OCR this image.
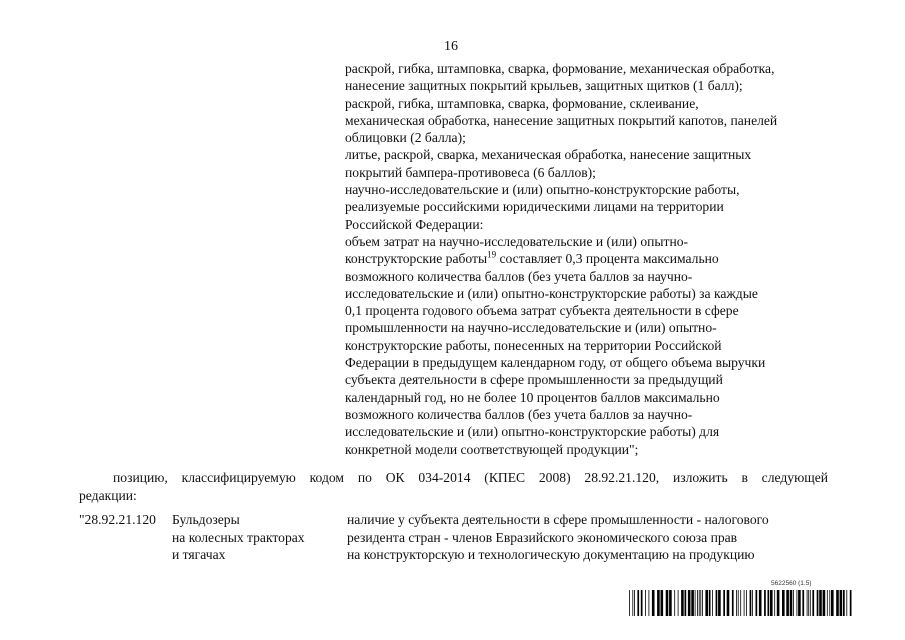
16
раскрой, гибка, штамповка, сварка, формование, механическая обработка,
нанесение защитных покрытий крыльев, защитных щитков (1 балл);
раскрой, гибка, штамповка, сварка, формование, склеивание,
механическая обработка, нанесение защитных покрытий капотов, панелей
облицовки (2 балла);
литье, раскрой, сварка, механическая обработка, нанесение защитных
покрытий бампера-противовеса (6 баллов);
научно-исследовательские и (или) опытно-конструкторские работы,
реализуемые российскими юридическими лицами на территории
Российской Федерации:
объем затрат на научно-исследовательские и (или) опытно-
конструкторские работы$^{19}$ составляет 0,3 процента максимально
возможного количества баллов (без учета баллов за научно-
исследовательские и (или) опытно-конструкторские работы) за каждые
0,1 процента годового объема затрат субъекта деятельности в сфере
промышленности на научно-исследовательские и (или) опытно-
конструкторские работы, понесенных на территории Российской
Федерации в предыдущем календарном году, от общего объема выручки
субъекта деятельности в сфере промышленности за предыдущий
календарный год, но не более 10 процентов баллов максимально
возможного количества баллов (без учета баллов за научно-
исследовательские и (или) опытно-конструкторские работы) для
конкретной модели соответствующей продукции";
позицию, классифицируемую кодом по ОК 034-2014 (КПЕС 2008) 28.92.21.120, изложить в следующей
редакции:
"28.92.21.120 Бульдозеры
на колесных тракторах
и тягачах
наличие у субъекта деятельности в сфере промышленности - налогового
резидента стран - членов Евразийского экономического союза прав
на конструкторскую и технологическую документацию на продукцию
5622560 (1.5)
